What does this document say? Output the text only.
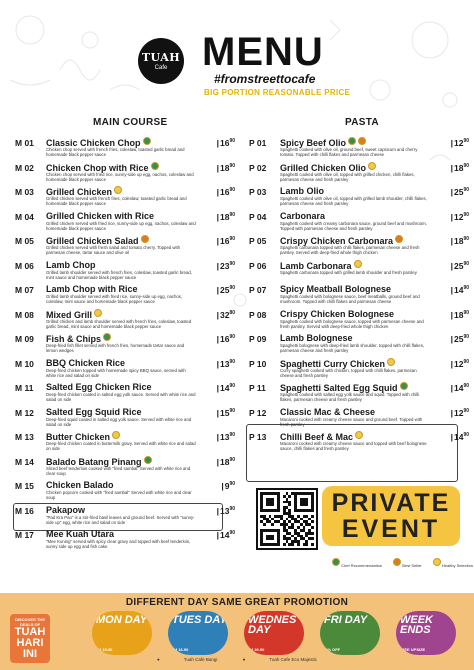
TUAH
Cafe MENU
#fromstreettocafe
BIG PORTION REASONABLE PRICE
MAIN COURSE	PASTA
M 01 Classic Chicken Chop
Chicken chop served with french fries, coleslaw, toasted garlic bread and homemade black pepper sauce
$|16^{90}$
M 02 Chicken Chop with Rice
Chicken chop served with fried rice, sunny-side up egg, nachos, coleslaw and homemade black pepper sauce
$|18^{90}$
M 03 Grilled Chicken
Grilled chicken served with french fries, coleslaw, toasted garlic bread and homemade black pepper sauce
$|16^{90}$
M 04 Grilled Chicken with Rice
Grilled chicken served with fried rice, sunny-side up egg, nachos, coleslaw and homemade black pepper sauce
$|18^{90}$
M 05 Grilled Chicken Salad
Grilled chicken served with fresh salad and tomato cherry. Topped with parmesan cheese, tartar sauce and olive oil
$|16^{90}$
M 06 Lamb Chop
Grilled lamb shoulder served with french fries, coleslaw, toasted garlic bread, mint sauce and homemade black pepper sauce
$|23^{90}$
M 07 Lamb Chop with Rice
Grilled lamb shoulder served with fried rice, sunny-side up egg, nachos, coleslaw, mint sauce and homemade black pepper sauce
$|25^{90}$
M 08 Mixed Grill
Grilled chicken and lamb shoulder served with french fries, coleslaw, toasted garlic bread, mint sauce and homemade black pepper sauce
$|32^{80}$
M 09 Fish & Chips
Deep-fried fish fillet served with french fries, homemade tartar sauce and lemon wedges
$|16^{90}$
M 10 BBQ Chicken Rice
Deep-fried chicken topped with homemade spicy BBQ sauce, served with white rice and salad on side
$|13^{90}$
M 11 Salted Egg Chicken Rice
Deep-fried chicken coated in salted egg yolk sauce. Served with white rice and salad on side
$|14^{90}$
M 12 Salted Egg Squid Rice
Deep-fried squid coated in salted egg yolk sauce. Served with white rice and salad on side
$|15^{90}$
M 13 Butter Chicken
Deep-fried chicken coated in buttermilk gravy. Served with white rice and salad on side
$|13^{90}$
M 14 Balado Batang Pinang
Sliced beef tenderloin cooked with "fried sambal" Served with white rice and clear soup
$|18^{90}$
M 15 Chicken Balado
Chicken popcorn cooked with "fried sambal" Served with white rice and clear soup
$|9^{90}$
M 16 Pakapow
"Pad Kra Pao" is a stir-fried basil leaves and ground beef. Served with "sunny-side up" egg, white rice and salad on side
$|13^{90}$
M 17 Mee Kuah Utara
"Mee Kuning" served with spicy clear gravy and topped with beef tenderloin, sunny side up egg and fish cake
$|14^{90}$
P 01 Spicy Beef Olio
Spaghetti cooked with olive oil, ground beef, sweet capsicum and cherry tomato. Topped with chilli flakes and parmesan cheese
$|12^{90}$
P 02 Grilled Chicken Olio
Spaghetti cooked with olive oil, topped with grilled chicken, chilli flakes, parmesan cheese and fresh parsley
$|18^{90}$
P 03 Lamb Olio
Spaghetti cooked with olive oil, topped with grilled lamb shoulder, chilli flakes, parmesan cheese and fresh parsley
$|25^{90}$
P 04 Carbonara
Spaghetti cooked with creamy carbonara sauce, ground beef and mushroom. Topped with parmesan cheese and fresh parsley
$|12^{90}$
P 05 Crispy Chicken Carbonara
Spaghetti carbonara topped with chilli flakes, parmesan cheese and fresh parsley. Served with deep-fried whole thigh chicken
$|18^{90}$
P 06 Lamb Carbonara
Spaghetti carbonara topped with grilled lamb shoulder and fresh parsley
$|25^{90}$
P 07 Spicy Meatball Bolognese
Spaghetti cooked with bolognese sauce, beef meatballs, ground beef and mushroom. Topped with chilli flakes and parmesan cheese
$|14^{90}$
P 08 Crispy Chicken Bolognese
Spaghetti cooked with bolognese sauce, topped with parmesan cheese and fresh parsley. Served with deep-fried whole thigh chicken
$|18^{90}$
P 09 Lamb Bolognese
Spaghetti bolognese with deep-fried lamb shoulder, topped with chilli flakes, parmesan cheese and fresh parsley
$|25^{90}$
P 10 Spaghetti Curry Chicken
Curry spaghetti cooked with chicken, topped with chilli flakes, parmesan cheese and fresh parsley
$|12^{90}$
P 11 Spaghetti Salted Egg Squid
Spaghetti cooked with salted egg yolk sauce and squid. Topped with chilli flakes, parmesan cheese and fresh parsley
$|14^{90}$
P 12 Classic Mac & Cheese
Macaroni cooked with creamy cheese sauce and ground beef. Topped with fresh parsley
$|12^{90}$
P 13 Chilli Beef & Mac
Macaroni cooked with creamy cheese sauce and topped with beef bolognese sauce, chilli flakes and fresh parsley
$|14^{90}$
PRIVATE
EVENT
Chef Recommendation	Best Seller	Healthy Selection
DIFFERENT DAY SAME GREAT PROMOTION
DISCOVER THE DEALS OF
TUAH
HARI
INI
MON DAY
RM 15.90
TUES DAY
RM 16.90
WEDNES DAY
RM 20.90
FRI DAY
10% OFF
WEEK ENDS
FREE UPSIZE
●	Tuah Cafe Bangi	●	Tuah Cafe Eco Majestic
